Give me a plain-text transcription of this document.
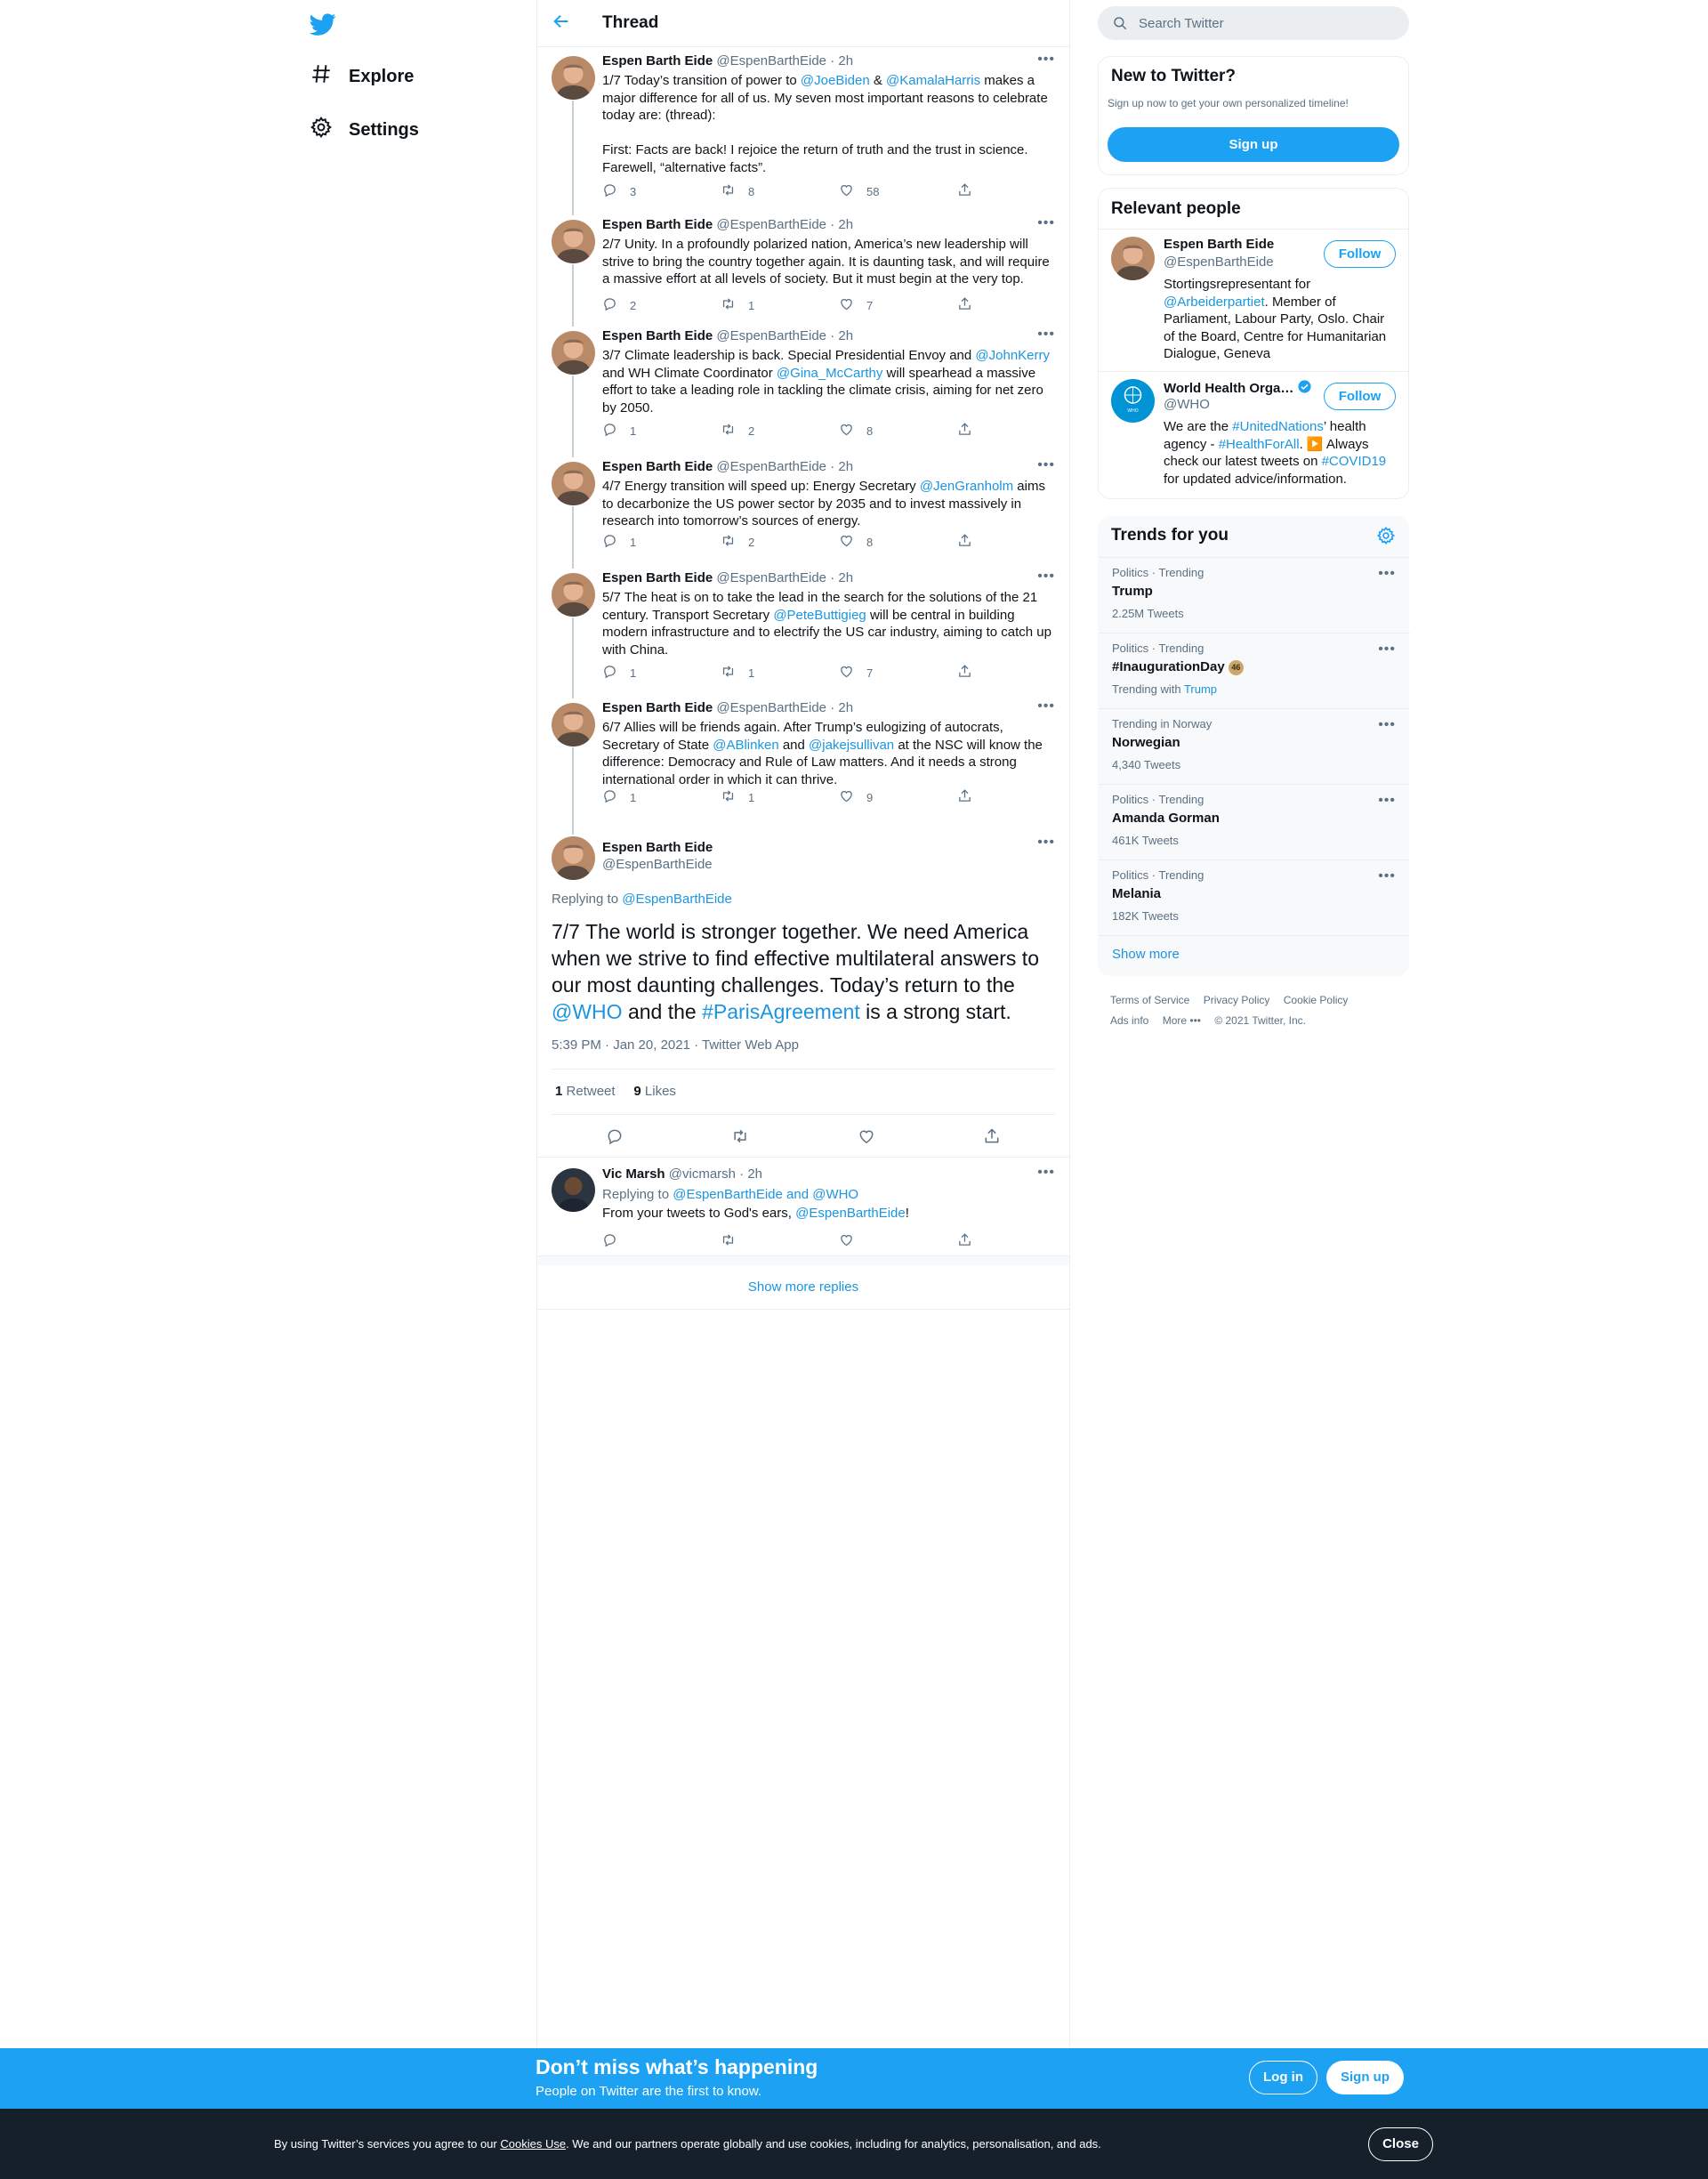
Explore
Settings
Thread
Espen Barth Eide @EspenBarthEide · 2h	•••
1/7 Today’s transition of power to @JoeBiden & @KamalaHarris makes a major difference for all of us. My seven most important reasons to celebrate today are: (thread):

First: Facts are back! I rejoice the return of truth and the trust in science. Farewell, “alternative facts”.
3	8	58
Espen Barth Eide @EspenBarthEide · 2h	•••
2/7 Unity. In a profoundly polarized nation, America’s new leadership will strive to bring the country together again. It is daunting task, and will require a massive effort at all levels of society. But it must begin at the very top.
2	1	7
Espen Barth Eide @EspenBarthEide · 2h	•••
3/7 Climate leadership is back. Special Presidential Envoy and @JohnKerry and WH Climate Coordinator @Gina_McCarthy will spearhead a massive effort to take a leading role in tackling the climate crisis, aiming for net zero by 2050.
1	2	8
Espen Barth Eide @EspenBarthEide · 2h	•••
4/7 Energy transition will speed up: Energy Secretary @JenGranholm aims to decarbonize the US power sector by 2035 and to invest massively in research into tomorrow’s sources of energy.
1	2	8
Espen Barth Eide @EspenBarthEide · 2h	•••
5/7 The heat is on to take the lead in the search for the solutions of the 21 century. Transport Secretary @PeteButtigieg will be central in building modern infrastructure and to electrify the US car industry, aiming to catch up with China.
1	1	7
Espen Barth Eide @EspenBarthEide · 2h	•••
6/7 Allies will be friends again. After Trump’s eulogizing of autocrats, Secretary of State @ABlinken and @jakejsullivan at the NSC will know the difference: Democracy and Rule of Law matters. And it needs a strong international order in which it can thrive.
1	1	9
Espen Barth Eide
@EspenBarthEide
•••
Replying to @EspenBarthEide
7/7 The world is stronger together. We need America when we strive to find effective multilateral answers to our most daunting challenges. Today’s return to the @WHO and the #ParisAgreement is a strong start.
5:39 PM · Jan 20, 2021 · Twitter Web App
1 Retweet 9 Likes
Vic Marsh @vicmarsh · 2h	•••
Replying to @EspenBarthEide and @WHO
From your tweets to God's ears, @EspenBarthEide!
Show more replies
Search Twitter
New to Twitter?
Sign up now to get your own personalized timeline!
Sign up
Relevant people
Espen Barth Eide
@EspenBarthEide
Follow
Stortingsrepresentant for @Arbeiderpartiet. Member of Parliament, Labour Party, Oslo. Chair of the Board, Centre for Humanitarian Dialogue, Geneva
WHO
World Health Orga…
@WHO
Follow
We are the #UnitedNations’ health agency - #HealthForAll. ▶️ Always check our latest tweets on #COVID19 for updated advice/information.
Trends for you
Politics · Trending
Trump
2.25M Tweets
•••
Politics · Trending
#InaugurationDay 46
Trending with Trump
•••
Trending in Norway
Norwegian
4,340 Tweets
•••
Politics · Trending
Amanda Gorman
461K Tweets
•••
Politics · Trending
Melania
182K Tweets
•••
Show more
Terms of Service Privacy Policy Cookie Policy
Ads info More ••• © 2021 Twitter, Inc.
Don’t miss what’s happening
People on Twitter are the first to know.
Log in	Sign up
By using Twitter’s services you agree to our Cookies Use. We and our partners operate globally and use cookies, including for analytics, personalisation, and ads.	Close
